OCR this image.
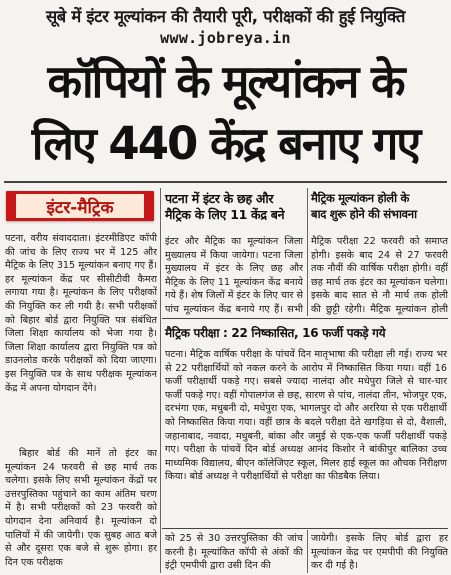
सूबे में इंटर मूल्यांकन की तैयारी पूरी, परीक्षकों की हुई नियुक्ति
www.jobreya.in
कॉपियों के मूल्यांकन के
लिए 440 केंद्र बनाए गए
इंटर-मैट्रिक
पटना, वरीय संवाददाता। इंटरमीडिएट कॉपी की जांच के लिए राज्य भर में 125 और मैट्रिक के लिए 315 मूल्यांकन बनाए गए हैं। हर मूल्यांकन केंद्र पर सीसीटीवी कैमरा लगाया गया है। मूल्यांकन के लिए परीक्षकों की नियुक्ति कर ली गयी है। सभी परीक्षकों को बिहार बोर्ड द्वारा नियुक्ति पत्र संबंधित जिला शिक्षा कार्यालय को भेजा गया है। जिला शिक्षा कार्यालय द्वारा नियुक्ति पत्र को डाउनलोड करके परीक्षकों को दिया जाएगा। इस नियुक्ति पत्र के साथ परीक्षक मूल्यांकन केंद्र में अपना योगदान देंगे।
बिहार बोर्ड की मानें तो इंटर का मूल्यांकन 24 फरवरी से छह मार्च तक चलेगा। इसके लिए सभी मूल्यांकन केंद्रों पर उत्तरपुस्तिका पहुंचाने का काम अंतिम चरण में है। सभी परीक्षकों को 23 फरवरी को योगदान देना अनिवार्य है। मूल्यांकन दो पालियों में की जायेगी। एक सुबह आठ बजे से और दूसरा एक बजे से शुरू होगा। हर दिन एक परीक्षक
पटना में इंटर के छह और
मैट्रिक के लिए 11 केंद्र बने
इंटर और मैट्रिक का मूल्यांकन जिला मुख्यालय में किया जायेगा। पटना जिला मुख्यालय में इंटर के लिए छह और मैट्रिक के लिए 11 मूल्यांकन केंद्र बनाये गये हैं। शेष जिलों में इंटर के लिए चार से पांच मूल्यांकन केंद्र बनाये गए हैं। सभी
मैट्रिक मूल्यांकन होली के
बाद शुरू होने की संभावना
मैट्रिक परीक्षा 22 फरवरी को समाप्त होगी। इसके बाद 24 से 27 फरवरी तक नौवीं की वार्षिक परीक्षा होगी। वहीं छह मार्च तक इंटर का मूल्यांकन चलेगा। इसके बाद सात से नौ मार्च तक होली की छुट्टी रहेगी। मैट्रिक मूल्यांकन होली
मैट्रिक परीक्षा : 22 निष्कासित, 16 फर्जी पकड़े गये
पटना। मैट्रिक वार्षिक परीक्षा के पांचवें दिन मातृभाषा की परीक्षा ली गई। राज्य भर से 22 परीक्षार्थियों को नकल करने के आरोप में निष्कासित किया गया। वहीं 16 फर्जी परीक्षार्थी पकड़े गए। सबसे ज्यादा नालंदा और मधेपुरा जिले से चार-चार फर्जी पकड़े गए। वहीं गोपालगंज से छह, सारण से पांच, नालंदा तीन, भोजपुर एक, दरभंगा एक, मधुबनी दो, मधेपुरा एक, भागलपुर दो और अररिया से एक परीक्षार्थी को निष्कासित किया गया। वहीं छात्र के बदले परीक्षा देते खगड़िया से दो, वैशाली, जहानाबाद, नवादा, मधुबनी, बांका और जमुई से एक-एक फर्जी परीक्षार्थी पकड़े गए। परीक्षा के पांचवें दिन बोर्ड अध्यक्ष आनंद किशोर ने बांकीपुर बालिका उच्च माध्यमिक विद्यालय, बीएन कॉलेजिएट स्कूल, मिलर हाई स्कूल का औचक निरीक्षण किया। बोर्ड अध्यक्ष ने परीक्षार्थियों से परीक्षा का फीडबैक लिया।
को 25 से 30 उत्तरपुस्तिका की जांच करनी है। मूल्यांकित कॉपी से अंकों की इंट्री एमपीपी द्वारा उसी दिन की
जायेगी। इसके लिए बोर्ड द्वारा हर मूल्यांकन केंद्र पर एमपीपी की नियुक्ति कर दी गई है।
